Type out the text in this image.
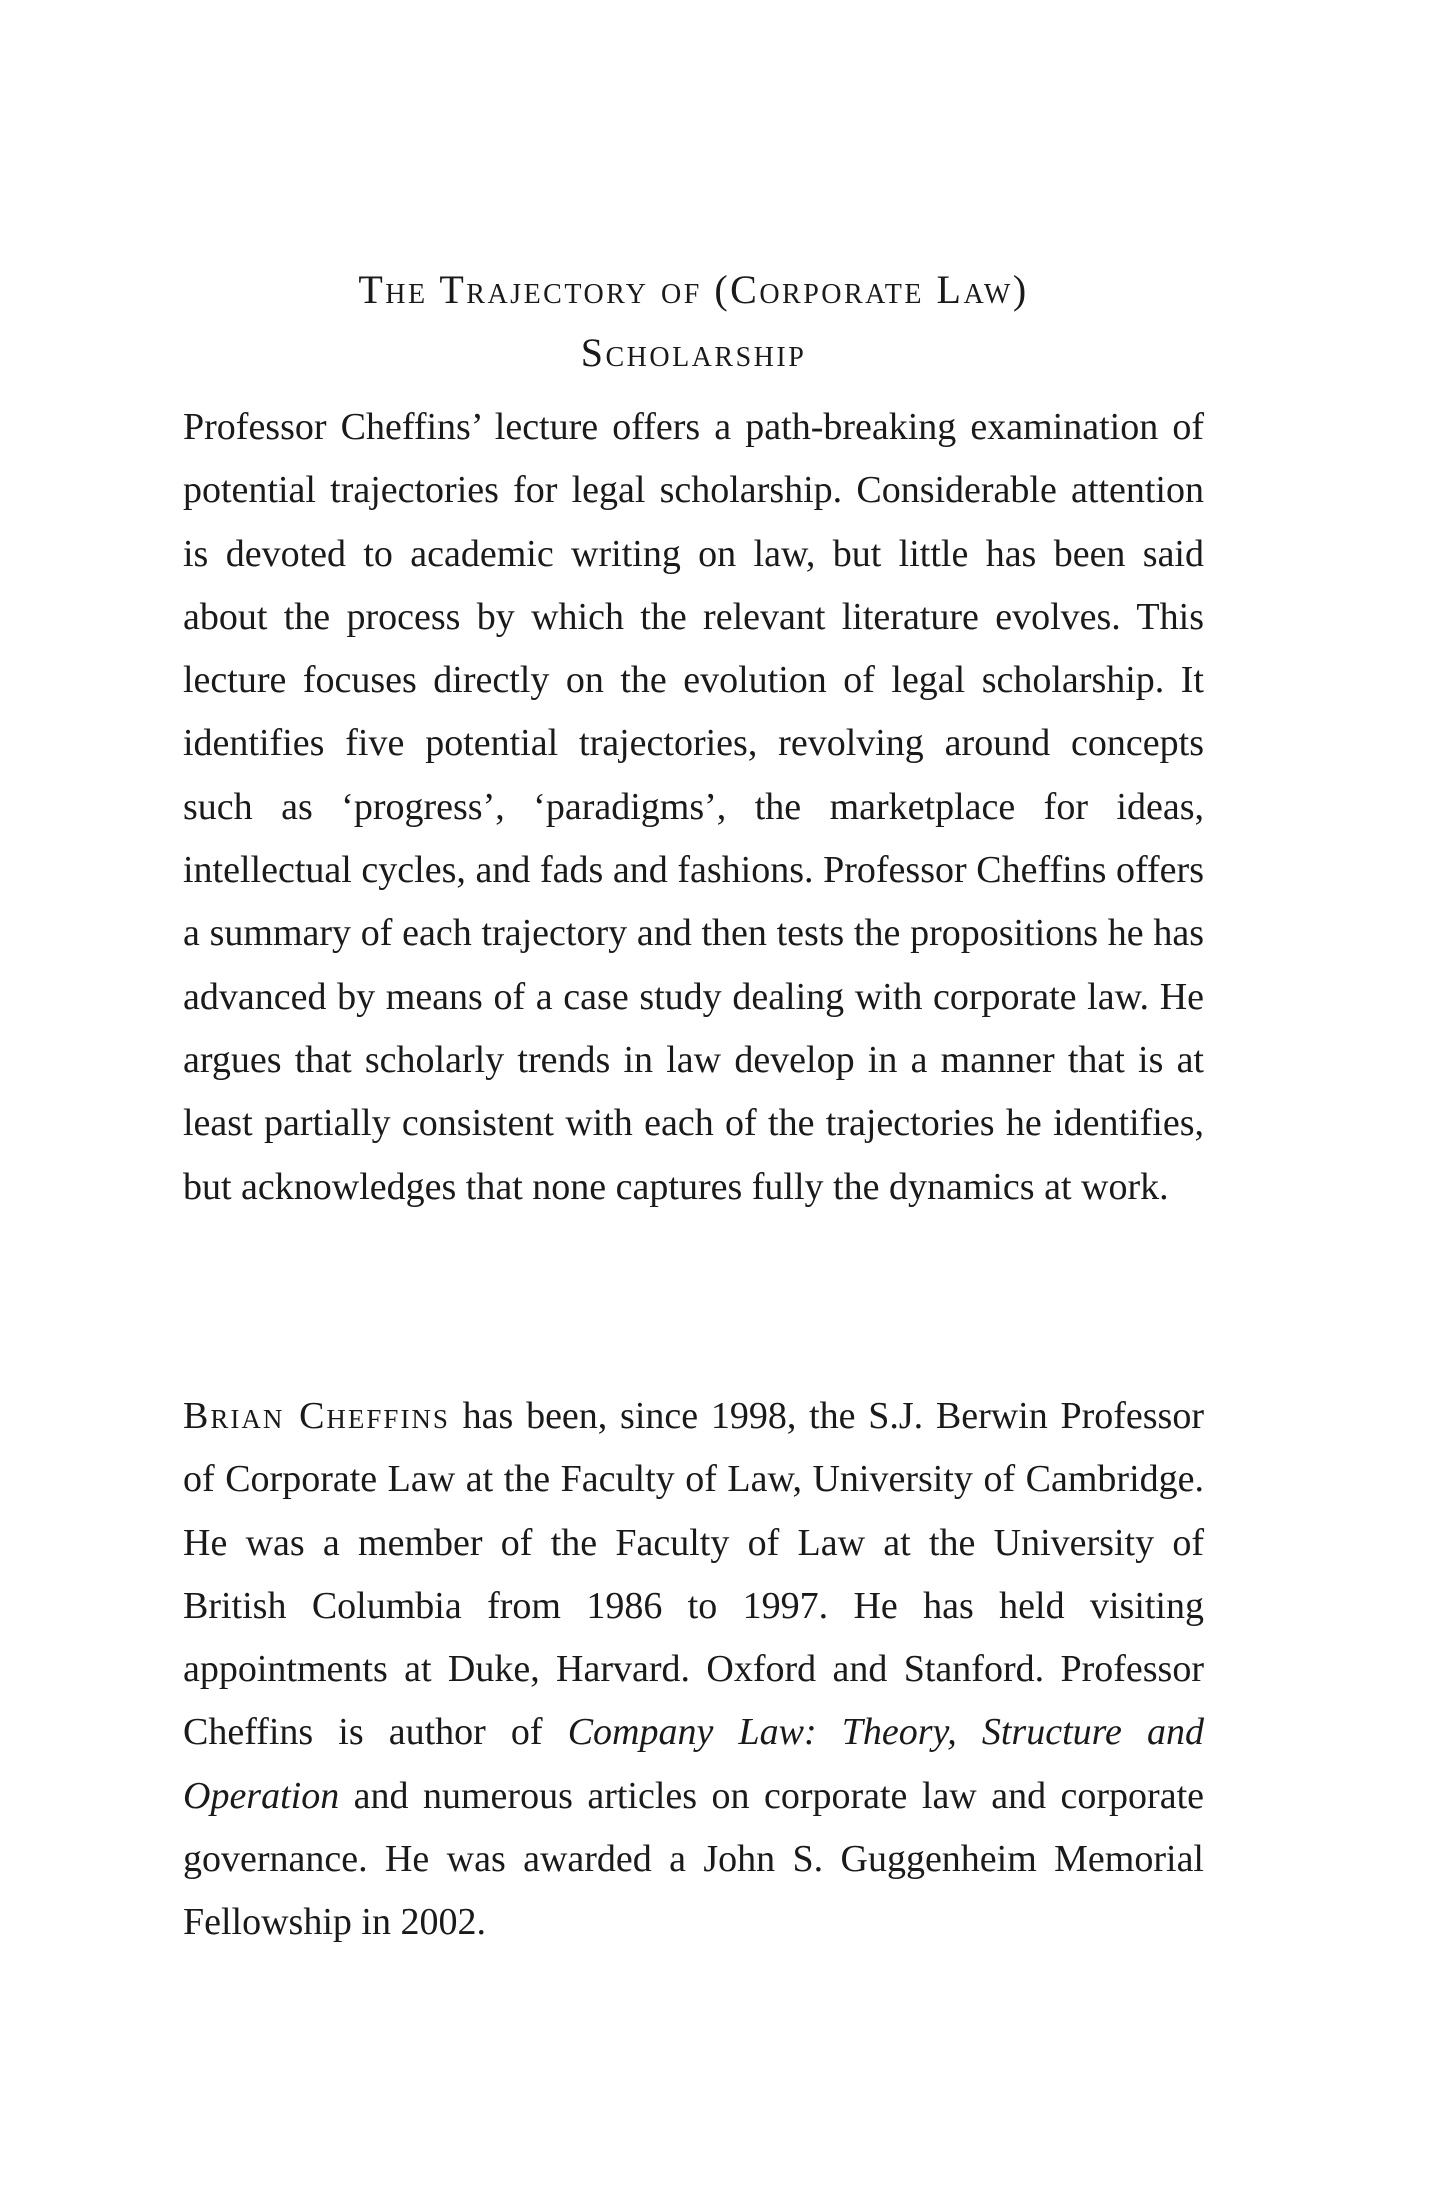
The Trajectory of (Corporate Law)
Scholarship

Professor Cheffins’ lecture offers a path-breaking examination of potential trajectories for legal scholarship. Considerable attention is devoted to academic writing on law, but little has been said about the process by which the relevant literature evolves. This lecture focuses directly on the evolution of legal scholarship. It identifies five potential trajectories, revolving around concepts such as ‘progress’, ‘paradigms’, the marketplace for ideas, intellectual cycles, and fads and fashions. Professor Cheffins offers a summary of each trajectory and then tests the propositions he has advanced by means of a case study dealing with corporate law. He argues that scholarly trends in law develop in a manner that is at least partially consistent with each of the trajectories he identifies, but acknowledges that none captures fully the dynamics at work.

Brian Cheffins has been, since 1998, the S.J. Berwin Professor of Corporate Law at the Faculty of Law, University of Cambridge. He was a member of the Faculty of Law at the University of British Columbia from 1986 to 1997. He has held visiting appointments at Duke, Harvard. Oxford and Stanford. Professor Cheffins is author of Company Law: Theory, Structure and Operation and numerous articles on corporate law and corporate governance. He was awarded a John S. Guggenheim Memorial Fellowship in 2002.
